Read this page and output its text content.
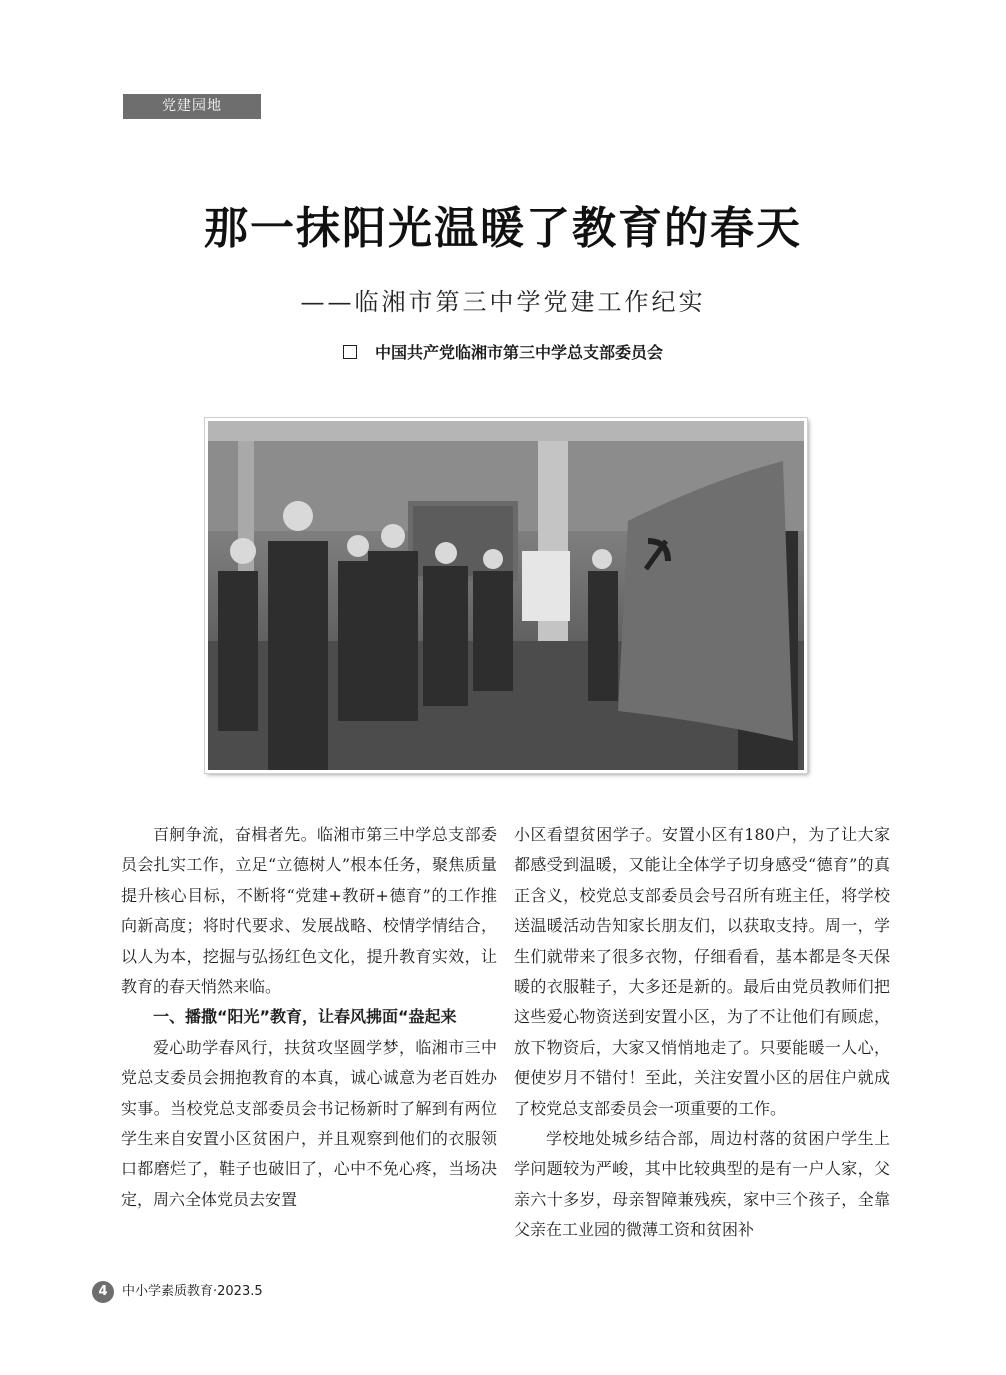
党建园地
那一抹阳光温暖了教育的春天
——临湘市第三中学党建工作纪实
中国共产党临湘市第三中学总支部委员会

百舸争流，奋楫者先。临湘市第三中学总支部委员会扎实工作，立足“立德树人”根本任务，聚焦质量提升核心目标，不断将“党建+教研+德育”的工作推向新高度；将时代要求、发展战略、校情学情结合，以人为本，挖掘与弘扬红色文化，提升教育实效，让教育的春天悄然来临。

一、播撒“阳光”教育，让春风拂面“盎起来

爱心助学春风行，扶贫攻坚圆学梦，临湘市三中党总支委员会拥抱教育的本真，诚心诚意为老百姓办实事。当校党总支部委员会书记杨新时了解到有两位学生来自安置小区贫困户，并且观察到他们的衣服领口都磨烂了，鞋子也破旧了，心中不免心疼，当场决定，周六全体党员去安置

小区看望贫困学子。安置小区有180户，为了让大家都感受到温暖，又能让全体学子切身感受“德育”的真正含义，校党总支部委员会号召所有班主任，将学校送温暖活动告知家长朋友们，以获取支持。周一，学生们就带来了很多衣物，仔细看看，基本都是冬天保暖的衣服鞋子，大多还是新的。最后由党员教师们把这些爱心物资送到安置小区，为了不让他们有顾虑，放下物资后，大家又悄悄地走了。只要能暖一人心，便使岁月不错付！至此，关注安置小区的居住户就成了校党总支部委员会一项重要的工作。

学校地处城乡结合部，周边村落的贫困户学生上学问题较为严峻，其中比较典型的是有一户人家，父亲六十多岁，母亲智障兼残疾，家中三个孩子，全靠父亲在工业园的微薄工资和贫困补

4	中小学素质教育·2023.5
